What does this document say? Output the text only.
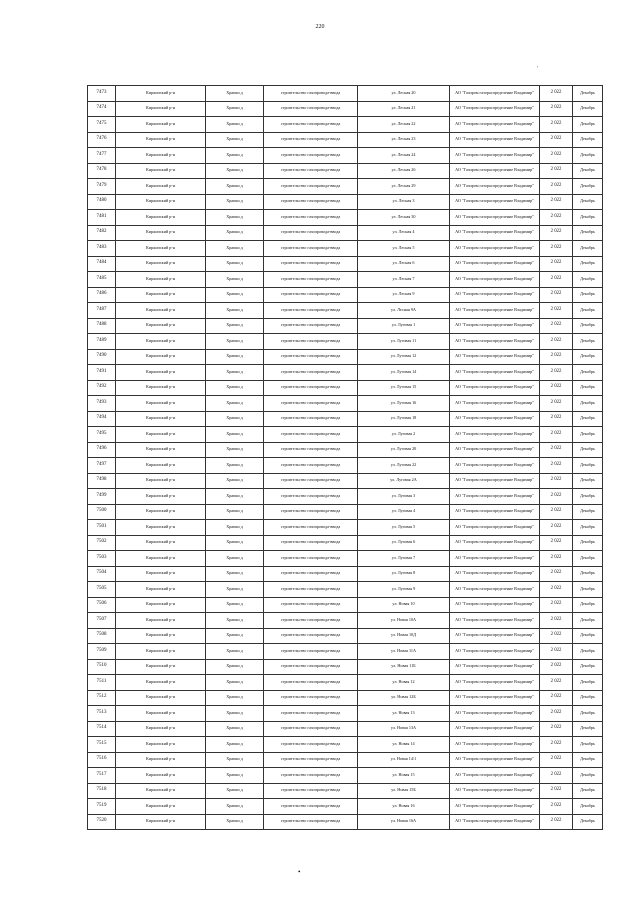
220
'
7473	Киржачский р-н	Храпки д	строительство газопровода-ввода	ул. Лесная 20	АО "Газпром газораспределение Владимир"	2 022	Декабрь
7474	Киржачский р-н	Храпки д	строительство газопровода-ввода	ул. Лесная 21	АО "Газпром газораспределение Владимир"	2 022	Декабрь
7475	Киржачский р-н	Храпки д	строительство газопровода-ввода	ул. Лесная 22	АО "Газпром газораспределение Владимир"	2 022	Декабрь
7476	Киржачский р-н	Храпки д	строительство газопровода-ввода	ул. Лесная 23	АО "Газпром газораспределение Владимир"	2 022	Декабрь
7477	Киржачский р-н	Храпки д	строительство газопровода-ввода	ул. Лесная 24	АО "Газпром газораспределение Владимир"	2 022	Декабрь
7478	Киржачский р-н	Храпки д	строительство газопровода-ввода	ул. Лесная 26	АО "Газпром газораспределение Владимир"	2 022	Декабрь
7479	Киржачский р-н	Храпки д	строительство газопровода-ввода	ул. Лесная 29	АО "Газпром газораспределение Владимир"	2 022	Декабрь
7480	Киржачский р-н	Храпки д	строительство газопровода-ввода	ул. Лесная 3	АО "Газпром газораспределение Владимир"	2 022	Декабрь
7481	Киржачский р-н	Храпки д	строительство газопровода-ввода	ул. Лесная 30	АО "Газпром газораспределение Владимир"	2 022	Декабрь
7482	Киржачский р-н	Храпки д	строительство газопровода-ввода	ул. Лесная 4	АО "Газпром газораспределение Владимир"	2 022	Декабрь
7483	Киржачский р-н	Храпки д	строительство газопровода-ввода	ул. Лесная 5	АО "Газпром газораспределение Владимир"	2 022	Декабрь
7484	Киржачский р-н	Храпки д	строительство газопровода-ввода	ул. Лесная 6	АО "Газпром газораспределение Владимир"	2 022	Декабрь
7485	Киржачский р-н	Храпки д	строительство газопровода-ввода	ул. Лесная 7	АО "Газпром газораспределение Владимир"	2 022	Декабрь
7486	Киржачский р-н	Храпки д	строительство газопровода-ввода	ул. Лесная 9	АО "Газпром газораспределение Владимир"	2 022	Декабрь
7487	Киржачский р-н	Храпки д	строительство газопровода-ввода	ул. Лесная 9А	АО "Газпром газораспределение Владимир"	2 022	Декабрь
7488	Киржачский р-н	Храпки д	строительство газопровода-ввода	ул. Луговая 1	АО "Газпром газораспределение Владимир"	2 022	Декабрь
7489	Киржачский р-н	Храпки д	строительство газопровода-ввода	ул. Луговая 11	АО "Газпром газораспределение Владимир"	2 022	Декабрь
7490	Киржачский р-н	Храпки д	строительство газопровода-ввода	ул. Луговая 12	АО "Газпром газораспределение Владимир"	2 022	Декабрь
7491	Киржачский р-н	Храпки д	строительство газопровода-ввода	ул. Луговая 14	АО "Газпром газораспределение Владимир"	2 022	Декабрь
7492	Киржачский р-н	Храпки д	строительство газопровода-ввода	ул. Луговая 15	АО "Газпром газораспределение Владимир"	2 022	Декабрь
7493	Киржачский р-н	Храпки д	строительство газопровода-ввода	ул. Луговая 16	АО "Газпром газораспределение Владимир"	2 022	Декабрь
7494	Киржачский р-н	Храпки д	строительство газопровода-ввода	ул. Луговая 18	АО "Газпром газораспределение Владимир"	2 022	Декабрь
7495	Киржачский р-н	Храпки д	строительство газопровода-ввода	ул. Луговая 2	АО "Газпром газораспределение Владимир"	2 022	Декабрь
7496	Киржачский р-н	Храпки д	строительство газопровода-ввода	ул. Луговая 20	АО "Газпром газораспределение Владимир"	2 022	Декабрь
7497	Киржачский р-н	Храпки д	строительство газопровода-ввода	ул. Луговая 22	АО "Газпром газораспределение Владимир"	2 022	Декабрь
7498	Киржачский р-н	Храпки д	строительство газопровода-ввода	ул. Луговая 2А	АО "Газпром газораспределение Владимир"	2 022	Декабрь
7499	Киржачский р-н	Храпки д	строительство газопровода-ввода	ул. Луговая 3	АО "Газпром газораспределение Владимир"	2 022	Декабрь
7500	Киржачский р-н	Храпки д	строительство газопровода-ввода	ул. Луговая 4	АО "Газпром газораспределение Владимир"	2 022	Декабрь
7501	Киржачский р-н	Храпки д	строительство газопровода-ввода	ул. Луговая 5	АО "Газпром газораспределение Владимир"	2 022	Декабрь
7502	Киржачский р-н	Храпки д	строительство газопровода-ввода	ул. Луговая 6	АО "Газпром газораспределение Владимир"	2 022	Декабрь
7503	Киржачский р-н	Храпки д	строительство газопровода-ввода	ул. Луговая 7	АО "Газпром газораспределение Владимир"	2 022	Декабрь
7504	Киржачский р-н	Храпки д	строительство газопровода-ввода	ул. Луговая 8	АО "Газпром газораспределение Владимир"	2 022	Декабрь
7505	Киржачский р-н	Храпки д	строительство газопровода-ввода	ул. Луговая 9	АО "Газпром газораспределение Владимир"	2 022	Декабрь
7506	Киржачский р-н	Храпки д	строительство газопровода-ввода	ул. Новая 10	АО "Газпром газораспределение Владимир"	2 022	Декабрь
7507	Киржачский р-н	Храпки д	строительство газопровода-ввода	ул. Новая 10А	АО "Газпром газораспределение Владимир"	2 022	Декабрь
7508	Киржачский р-н	Храпки д	строительство газопровода-ввода	ул. Новая 10Д	АО "Газпром газораспределение Владимир"	2 022	Декабрь
7509	Киржачский р-н	Храпки д	строительство газопровода-ввода	ул. Новая 11А	АО "Газпром газораспределение Владимир"	2 022	Декабрь
7510	Киржачский р-н	Храпки д	строительство газопровода-ввода	ул. Новая 11Б	АО "Газпром газораспределение Владимир"	2 022	Декабрь
7511	Киржачский р-н	Храпки д	строительство газопровода-ввода	ул. Новая 12	АО "Газпром газораспределение Владимир"	2 022	Декабрь
7512	Киржачский р-н	Храпки д	строительство газопровода-ввода	ул. Новая 12Б	АО "Газпром газораспределение Владимир"	2 022	Декабрь
7513	Киржачский р-н	Храпки д	строительство газопровода-ввода	ул. Новая 13	АО "Газпром газораспределение Владимир"	2 022	Декабрь
7514	Киржачский р-н	Храпки д	строительство газопровода-ввода	ул. Новая 13А	АО "Газпром газораспределение Владимир"	2 022	Декабрь
7515	Киржачский р-н	Храпки д	строительство газопровода-ввода	ул. Новая 14	АО "Газпром газораспределение Владимир"	2 022	Декабрь
7516	Киржачский р-н	Храпки д	строительство газопровода-ввода	ул. Новая 14/1	АО "Газпром газораспределение Владимир"	2 022	Декабрь
7517	Киржачский р-н	Храпки д	строительство газопровода-ввода	ул. Новая 15	АО "Газпром газораспределение Владимир"	2 022	Декабрь
7518	Киржачский р-н	Храпки д	строительство газопровода-ввода	ул. Новая 15Б	АО "Газпром газораспределение Владимир"	2 022	Декабрь
7519	Киржачский р-н	Храпки д	строительство газопровода-ввода	ул. Новая 16	АО "Газпром газораспределение Владимир"	2 022	Декабрь
7520	Киржачский р-н	Храпки д	строительство газопровода-ввода	ул. Новая 16А	АО "Газпром газораспределение Владимир"	2 022	Декабрь
•
